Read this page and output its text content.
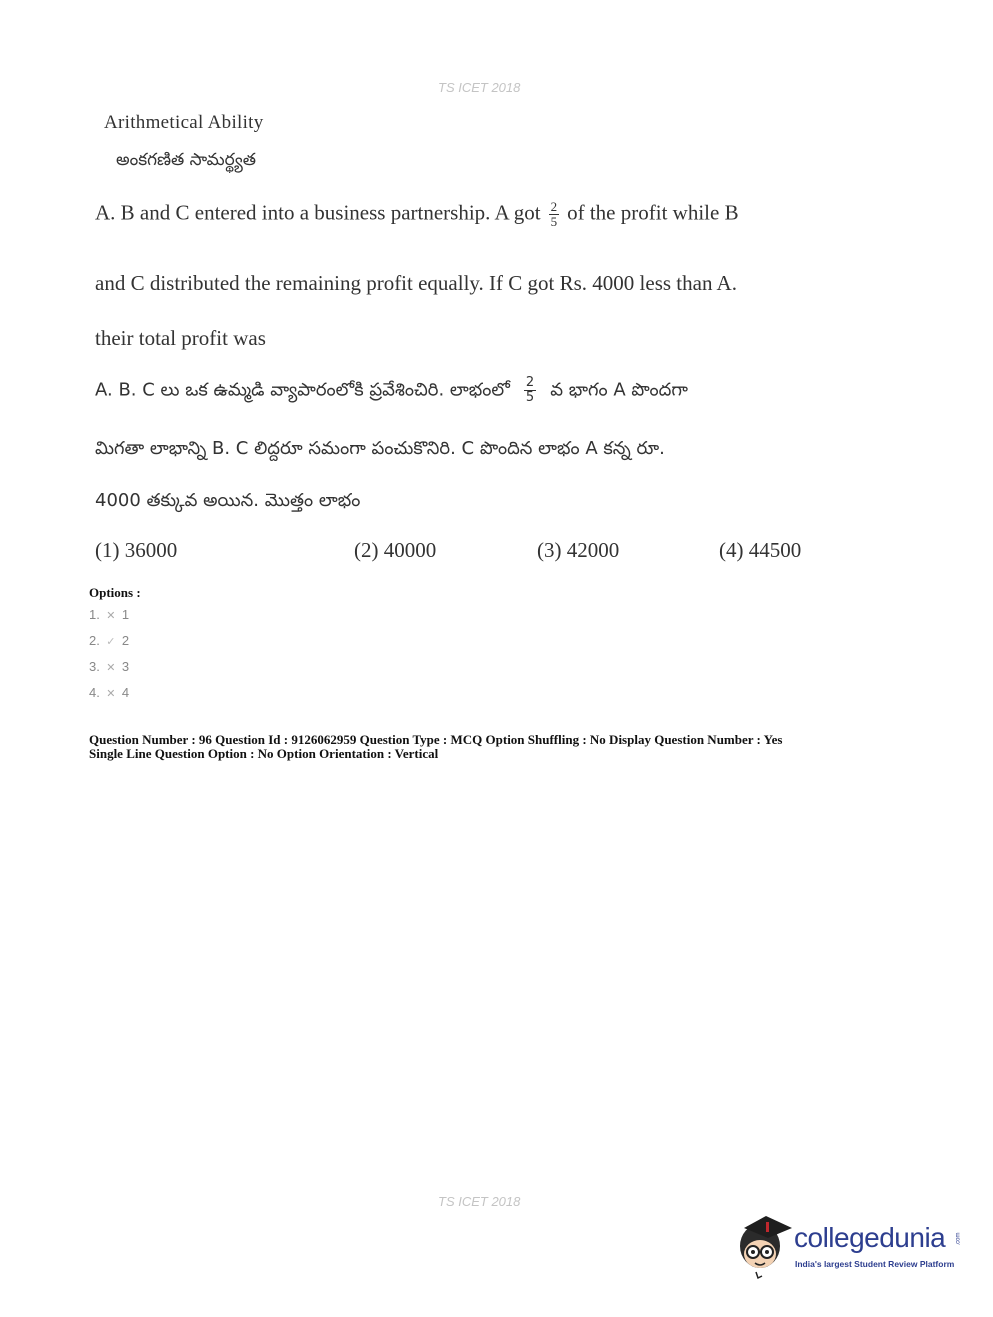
TS ICET 2018
Arithmetical Ability
అంకగణిత సామర్థ్యత
A. B and C entered into a business partnership. A got $\frac{2}{5}$ of the profit while B
and C distributed the remaining profit equally. If C got Rs. 4000 less than A.
their total profit was
A. B. C లు ఒక ఉమ్మడి వ్యాపారంలోకి ప్రవేశించిరి. లాభంలో $\frac{2}{5}$ వ భాగం A పొందగా
మిగతా లాభాన్ని B. C లిద్దరూ సమంగా పంచుకొనిరి. C పొందిన లాభం A కన్న రూ.
4000 తక్కువ అయిన. మొత్తం లాభం
(1) 36000	(2) 40000	(3) 42000	(4) 44500
Options :
1. ✕ 1
2. ✓ 2
3. ✕ 3
4. ✕ 4
Question Number : 96 Question Id : 9126062959 Question Type : MCQ Option Shuffling : No Display Question Number : Yes
Single Line Question Option : No Option Orientation : Vertical
TS ICET 2018
collegedunia .com
India's largest Student Review Platform
